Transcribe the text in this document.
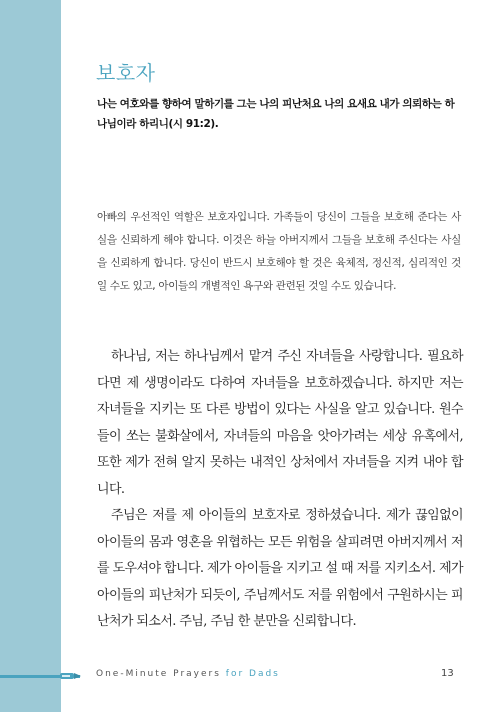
보호자
나는 여호와를 향하여 말하기를 그는 나의 피난처요 나의 요새요 내가 의뢰하는 하나님이라 하리니(시 91:2).
아빠의 우선적인 역할은 보호자입니다. 가족들이 당신이 그들을 보호해 준다는 사실을 신뢰하게 해야 합니다. 이것은 하늘 아버지께서 그들을 보호해 주신다는 사실을 신뢰하게 합니다. 당신이 반드시 보호해야 할 것은 육체적, 정신적, 심리적인 것일 수도 있고, 아이들의 개별적인 욕구와 관련된 것일 수도 있습니다.

하나님, 저는 하나님께서 맡겨 주신 자녀들을 사랑합니다. 필요하다면 제 생명이라도 다하여 자녀들을 보호하겠습니다. 하지만 저는 자녀들을 지키는 또 다른 방법이 있다는 사실을 알고 있습니다. 원수들이 쏘는 불화살에서, 자녀들의 마음을 앗아가려는 세상 유혹에서, 또한 제가 전혀 알지 못하는 내적인 상처에서 자녀들을 지켜 내야 합니다.

주님은 저를 제 아이들의 보호자로 정하셨습니다. 제가 끊임없이 아이들의 몸과 영혼을 위협하는 모든 위험을 살피려면 아버지께서 저를 도우셔야 합니다. 제가 아이들을 지키고 설 때 저를 지키소서. 제가 아이들의 피난처가 되듯이, 주님께서도 저를 위험에서 구원하시는 피난처가 되소서. 주님, 주님 한 분만을 신뢰합니다.

One-Minute Prayers for Dads	13
